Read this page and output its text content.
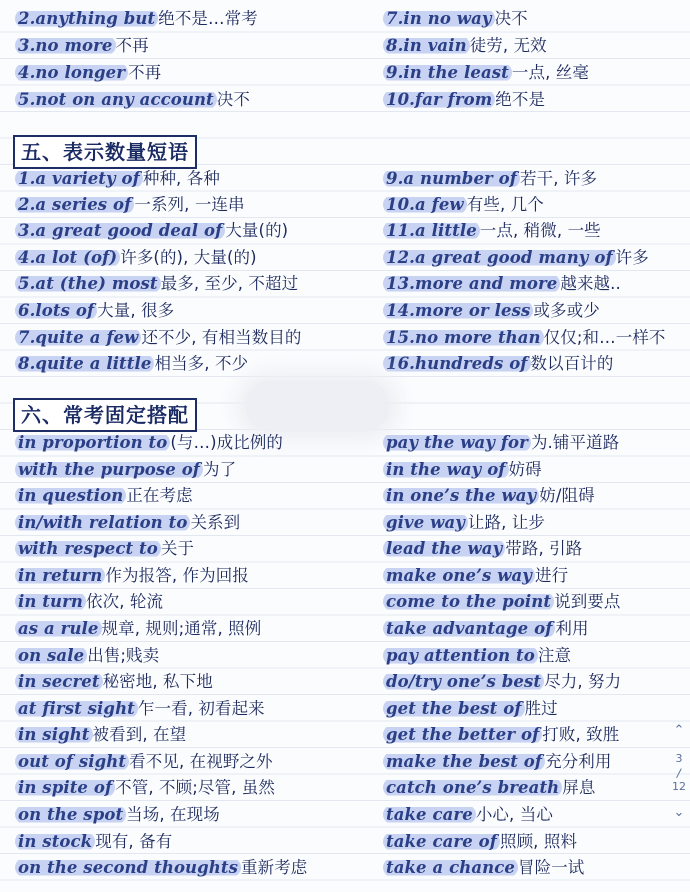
2.anything but 绝不是…常考	7.in no way 决不
3.no more 不再	8.in vain 徒劳, 无效
4.no longer 不再	9.in the least 一点, 丝毫
5.not on any account 决不	10.far from 绝不是
五、表示数量短语
1.a variety of 种种, 各种	9.a number of 若干, 许多
2.a series of 一系列, 一连串	10.a few 有些, 几个
3.a great good deal of 大量(的)	11.a little 一点, 稍微, 一些
4.a lot (of) 许多(的), 大量(的)	12.a great good many of 许多
5.at (the) most 最多, 至少, 不超过	13.more and more 越来越..
6.lots of 大量, 很多	14.more or less 或多或少
7.quite a few 还不少, 有相当数目的	15.no more than 仅仅;和…一样不
8.quite a little 相当多, 不少	16.hundreds of 数以百计的
六、常考固定搭配
in proportion to (与…)成比例的	pay the way for 为.铺平道路
with the purpose of 为了	in the way of 妨碍
in question 正在考虑	in one’s the way 妨/阻碍
in/with relation to 关系到	give way 让路, 让步
with respect to 关于	lead the way 带路, 引路
in return 作为报答, 作为回报	make one’s way 进行
in turn 依次, 轮流	come to the point 说到要点
as a rule 规章, 规则;通常, 照例	take advantage of 利用
on sale 出售;贱卖	pay attention to 注意
in secret 秘密地, 私下地	do/try one’s best 尽力, 努力
at first sight 乍一看, 初看起来	get the best of 胜过
in sight 被看到, 在望	get the better of 打败, 致胜
out of sight 看不见, 在视野之外	make the best of 充分利用
in spite of 不管, 不顾;尽管, 虽然	catch one’s breath 屏息
on the spot 当场, 在现场	take care 小心, 当心
in stock 现有, 备有	take care of 照顾, 照料
on the second thoughts 重新考虑	take a chance 冒险一试
⌃
3
/
12
⌄
